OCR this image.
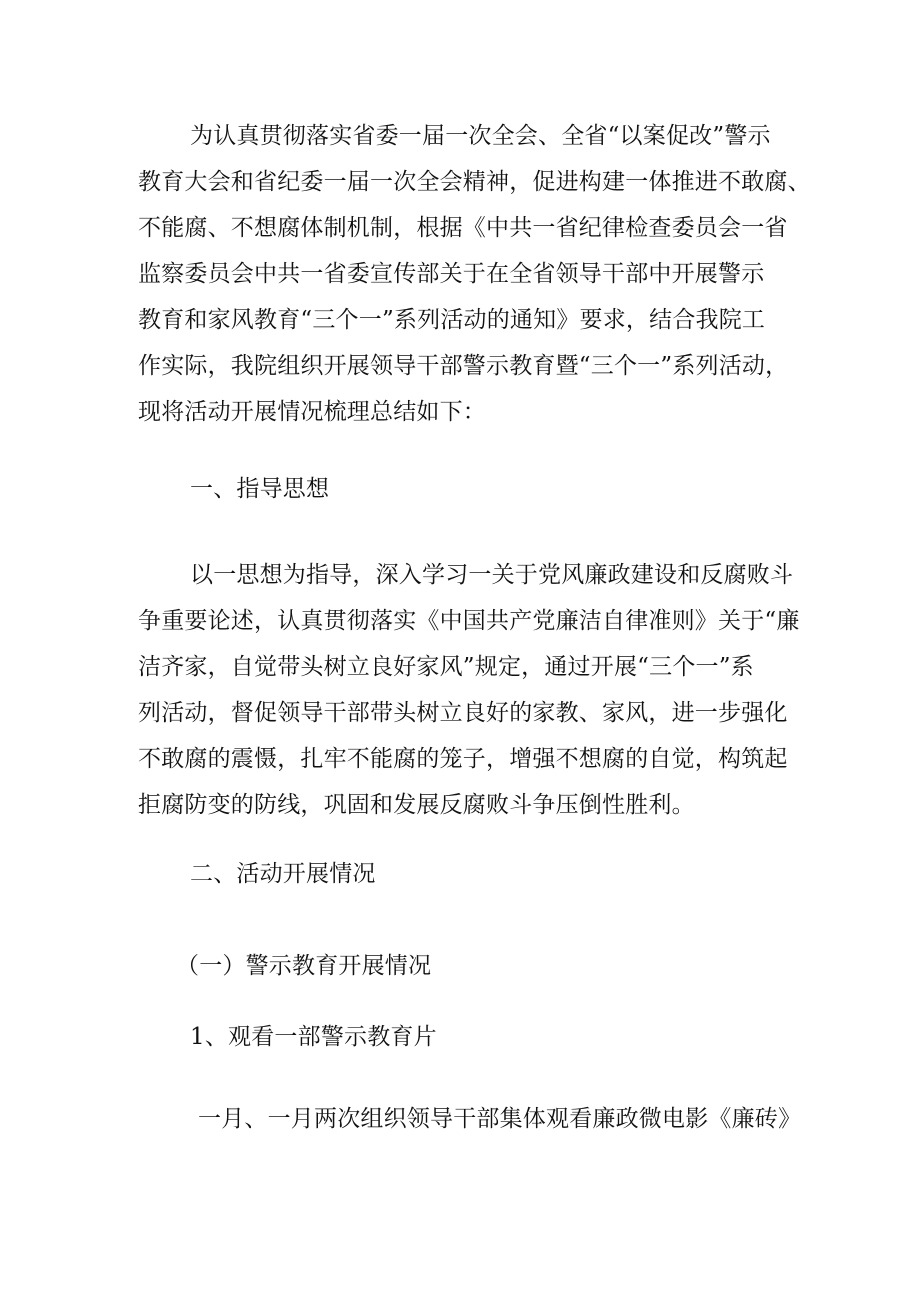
为认真贯彻落实省委一届一次全会、全省“以案促改”警示
教育大会和省纪委一届一次全会精神，促进构建一体推进不敢腐、
不能腐、不想腐体制机制，根据《中共一省纪律检查委员会一省
监察委员会中共一省委宣传部关于在全省领导干部中开展警示
教育和家风教育“三个一”系列活动的通知》要求，结合我院工
作实际，我院组织开展领导干部警示教育暨“三个一”系列活动，
现将活动开展情况梳理总结如下：
一、指导思想
以一思想为指导，深入学习一关于党风廉政建设和反腐败斗
争重要论述，认真贯彻落实《中国共产党廉洁自律准则》关于“廉
洁齐家，自觉带头树立良好家风”规定，通过开展“三个一”系
列活动，督促领导干部带头树立良好的家教、家风，进一步强化
不敢腐的震慑，扎牢不能腐的笼子，增强不想腐的自觉，构筑起
拒腐防变的防线，巩固和发展反腐败斗争压倒性胜利。
二、活动开展情况
（一）警示教育开展情况
1、观看一部警示教育片
一月、一月两次组织领导干部集体观看廉政微电影《廉砖》
